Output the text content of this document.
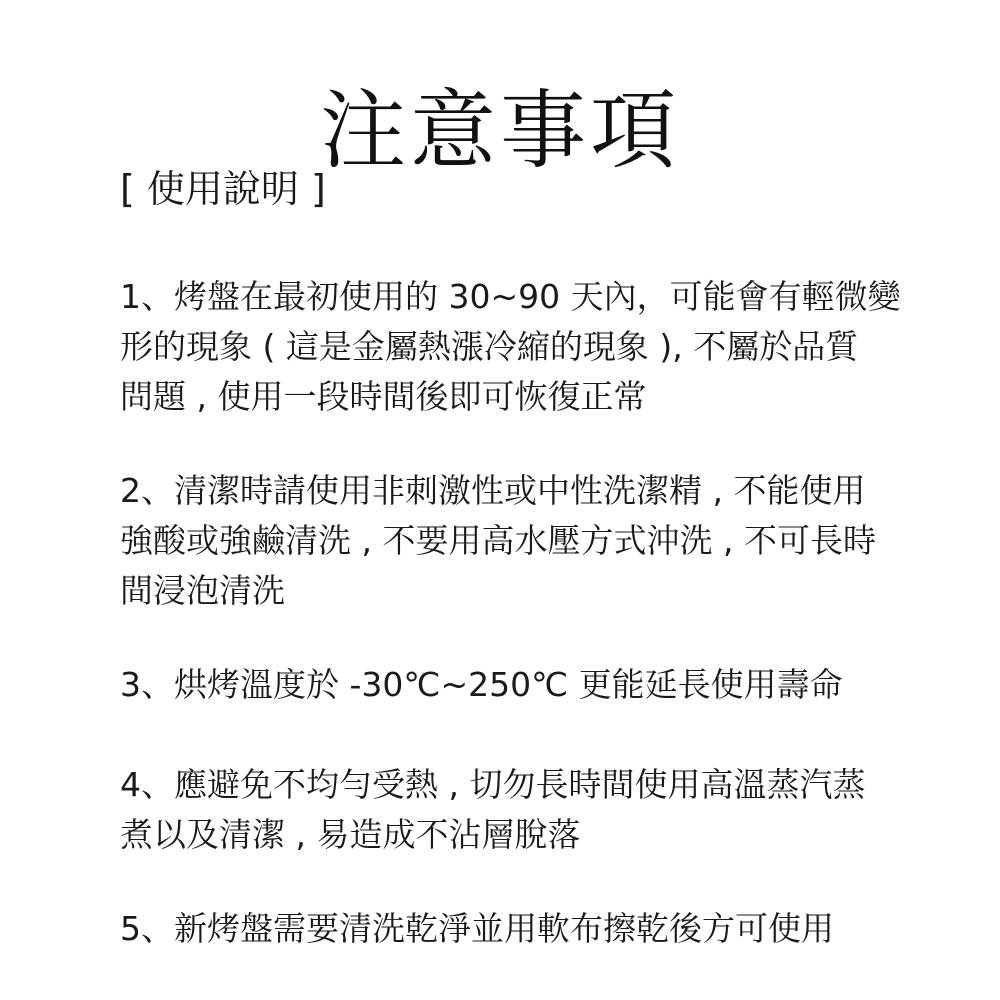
注意事項
[ 使用說明 ]
1、烤盤在最初使用的 30~90 天內，可能會有輕微變
形的現象 ( 這是金屬熱漲冷縮的現象 ), 不屬於品質
問題 , 使用一段時間後即可恢復正常
2、清潔時請使用非刺激性或中性洗潔精 , 不能使用
強酸或強鹼清洗 , 不要用高水壓方式沖洗 , 不可長時
間浸泡清洗
3、烘烤溫度於 -30℃~250℃ 更能延長使用壽命
4、應避免不均勻受熱 , 切勿長時間使用高溫蒸汽蒸
煮以及清潔 , 易造成不沾層脫落
5、新烤盤需要清洗乾淨並用軟布擦乾後方可使用
